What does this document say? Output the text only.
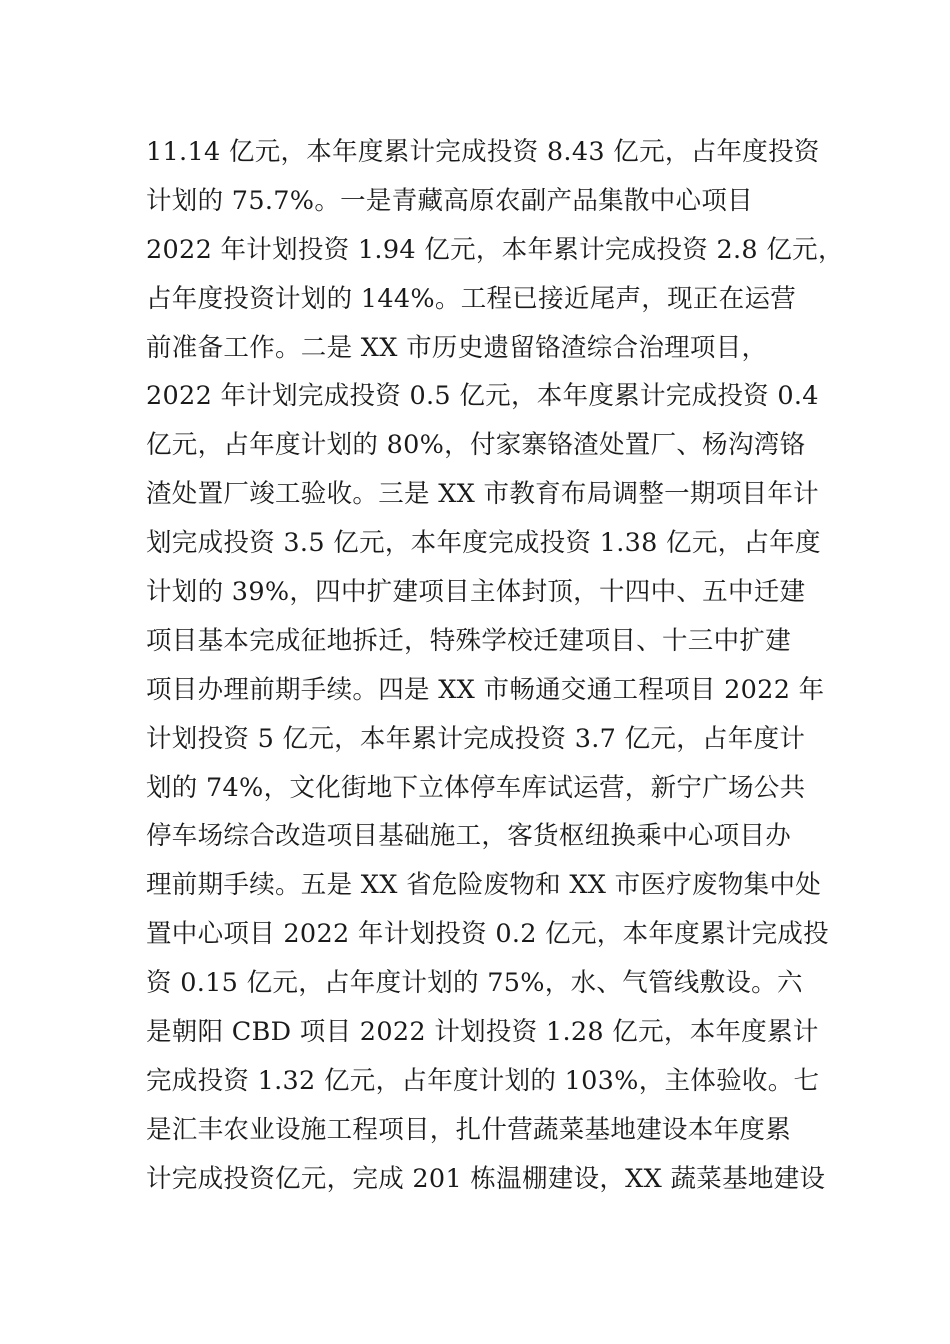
11.14 亿元，本年度累计完成投资 8.43 亿元，占年度投资
计划的 75.7%。一是青藏高原农副产品集散中心项目
2022 年计划投资 1.94 亿元，本年累计完成投资 2.8 亿元，
占年度投资计划的 144%。工程已接近尾声，现正在运营
前准备工作。二是 XX 市历史遗留铬渣综合治理项目，
2022 年计划完成投资 0.5 亿元，本年度累计完成投资 0.4
亿元，占年度计划的 80%，付家寨铬渣处置厂、杨沟湾铬
渣处置厂竣工验收。三是 XX 市教育布局调整一期项目年计
划完成投资 3.5 亿元，本年度完成投资 1.38 亿元，占年度
计划的 39%，四中扩建项目主体封顶，十四中、五中迁建
项目基本完成征地拆迁，特殊学校迁建项目、十三中扩建
项目办理前期手续。四是 XX 市畅通交通工程项目 2022 年
计划投资 5 亿元，本年累计完成投资 3.7 亿元，占年度计
划的 74%，文化街地下立体停车库试运营，新宁广场公共
停车场综合改造项目基础施工，客货枢纽换乘中心项目办
理前期手续。五是 XX 省危险废物和 XX 市医疗废物集中处
置中心项目 2022 年计划投资 0.2 亿元，本年度累计完成投
资 0.15 亿元，占年度计划的 75%，水、气管线敷设。六
是朝阳 CBD 项目 2022 计划投资 1.28 亿元，本年度累计
完成投资 1.32 亿元，占年度计划的 103%，主体验收。七
是汇丰农业设施工程项目，扎什营蔬菜基地建设本年度累
计完成投资亿元，完成 201 栋温棚建设，XX 蔬菜基地建设
